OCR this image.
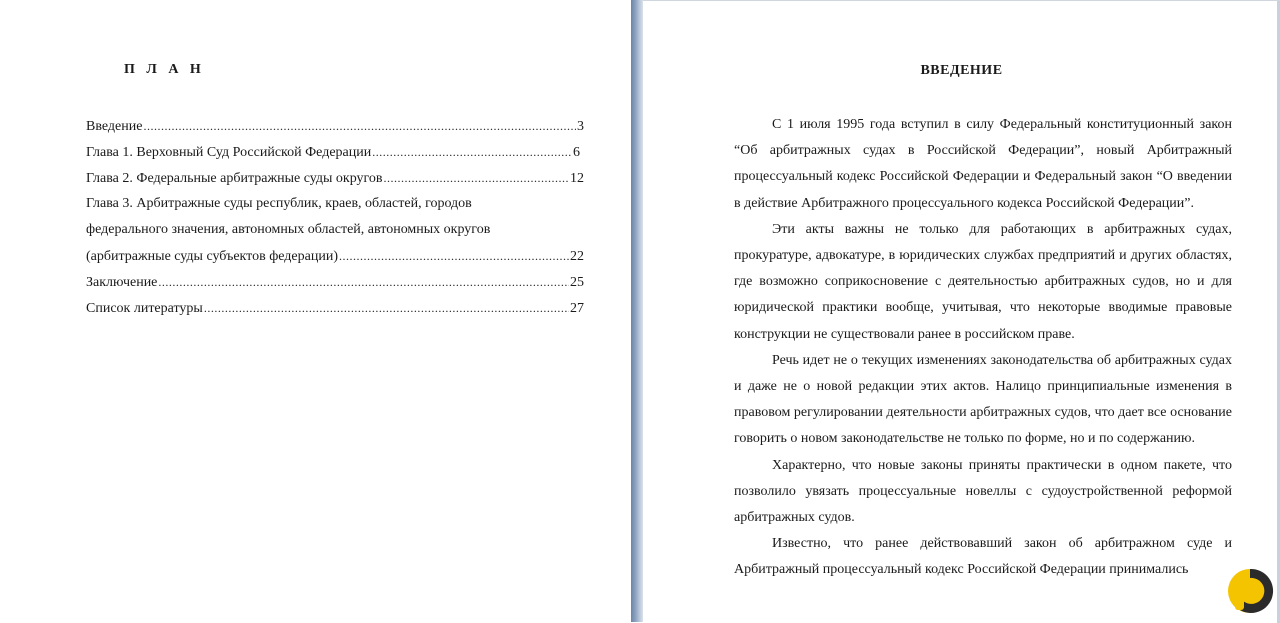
П Л А Н
Введение .....	3
Глава 1. Верховный Суд Российской Федерации .....	6
Глава 2. Федеральные арбитражные суды округов .....	12
Глава 3. Арбитражные суды республик, краев, областей, городов
федерального значения, автономных областей, автономных округов
(арбитражные суды субъектов федерации) .....	22
Заключение .....	25
Список литературы .....	27
ВВЕДЕНИЕ

С 1 июля 1995 года вступил в силу Федеральный конституционный закон “Об арбитражных судах в Российской Федерации”, новый Арбитражный процессуальный кодекс Российской Федерации и Федеральный закон “О введении в действие Арбитражного процессуального кодекса Российской Федерации”.

Эти акты важны не только для работающих в арбитражных судах, прокуратуре, адвокатуре, в юридических службах предприятий и других областях, где возможно соприкосновение с деятельностью арбитражных судов, но и для юридической практики вообще, учитывая, что некоторые вводимые правовые конструкции не существовали ранее в российском праве.

Речь идет не о текущих изменениях законодательства об арбитражных судах и даже не о новой редакции этих актов. Налицо принципиальные изменения в правовом регулировании деятельности арбитражных судов, что дает все основание говорить о новом законодательстве не только по форме, но и по содержанию.

Характерно, что новые законы приняты практически в одном пакете, что позволило увязать процессуальные новеллы с судоустройственной реформой арбитражных судов.

Известно, что ранее действовавший закон об арбитражном суде и Арбитражный процессуальный кодекс Российской Федерации принимались
